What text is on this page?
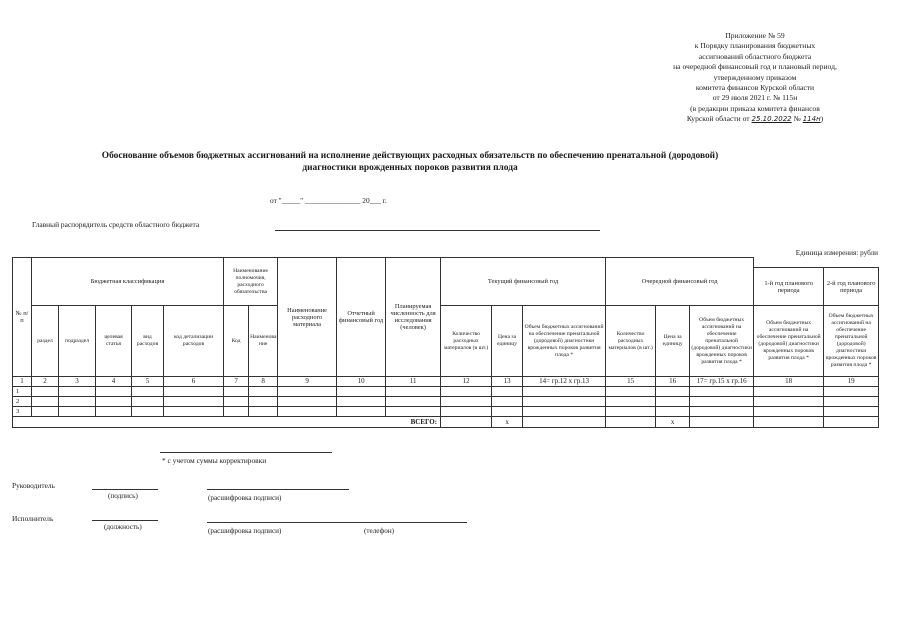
Приложение № 59
к Порядку планирования бюджетных
ассигнований областного бюджета
на очередной финансовый год и плановый период,
утвержденному приказом
комитета финансов Курской области
от 29 июля 2021 г. № 115н
(в редакции приказа комитета финансов
Курской области от 25.10.2022 № 114н)
Обоснование объемов бюджетных ассигнований на исполнение действующих расходных обязательств по обеспечению пренатальной (дородовой)
диагностики врожденных пороков развития плода
от "_____" _______________ 20___ г.
Главный распорядитель средств областного бюджета
Единица измерения: рубли
№ п/п	Бюджетная классификация					Наименование полномочия, расходного обязательства		Наименование расходного материала	Отчетный финансовый год	Планируемая численность для исследования (человек)	Текущий финансовый год			Очередной финансовый год				
																	1-й год планового периода	2-й год планового периода
	раздел	подраздел	целевая статья	вид расходов	код детализации расходов	Код	Наименова ние				Количество расходных материалов (в шт.)	Цена за единицу	Объем бюджетных ассигнований на обеспечение пренатальной (дородовой) диагностики врожденных пороков развития плода *	Количество расходных материалов (в шт.)	Цена за единицу	Объем бюджетных ассигнований на обеспечение пренатальной (дородовой) диагностики врожденных пороков развития плода *	Объем бюджетных ассигнований на обеспечение пренатальной (дородовой) диагностики врожденных пороков развития плода *	Объем бюджетных ассигнований на обеспечение пренатальной (дородовой) диагностики врожденных пороков развития плода *
1	2	3	4	5	6	7	8	9	10	11	12	13	14= гр.12 х гр.13	15	16	17= гр.15 х гр.16	18	19
1																		
2																		
3																		
ВСЕГО:												x			x			
* с учетом суммы корректировки
Руководитель
(подпись)	(расшифровка подписи)
Исполнитель
(должность)	(расшифровка подписи)	(телефон)
